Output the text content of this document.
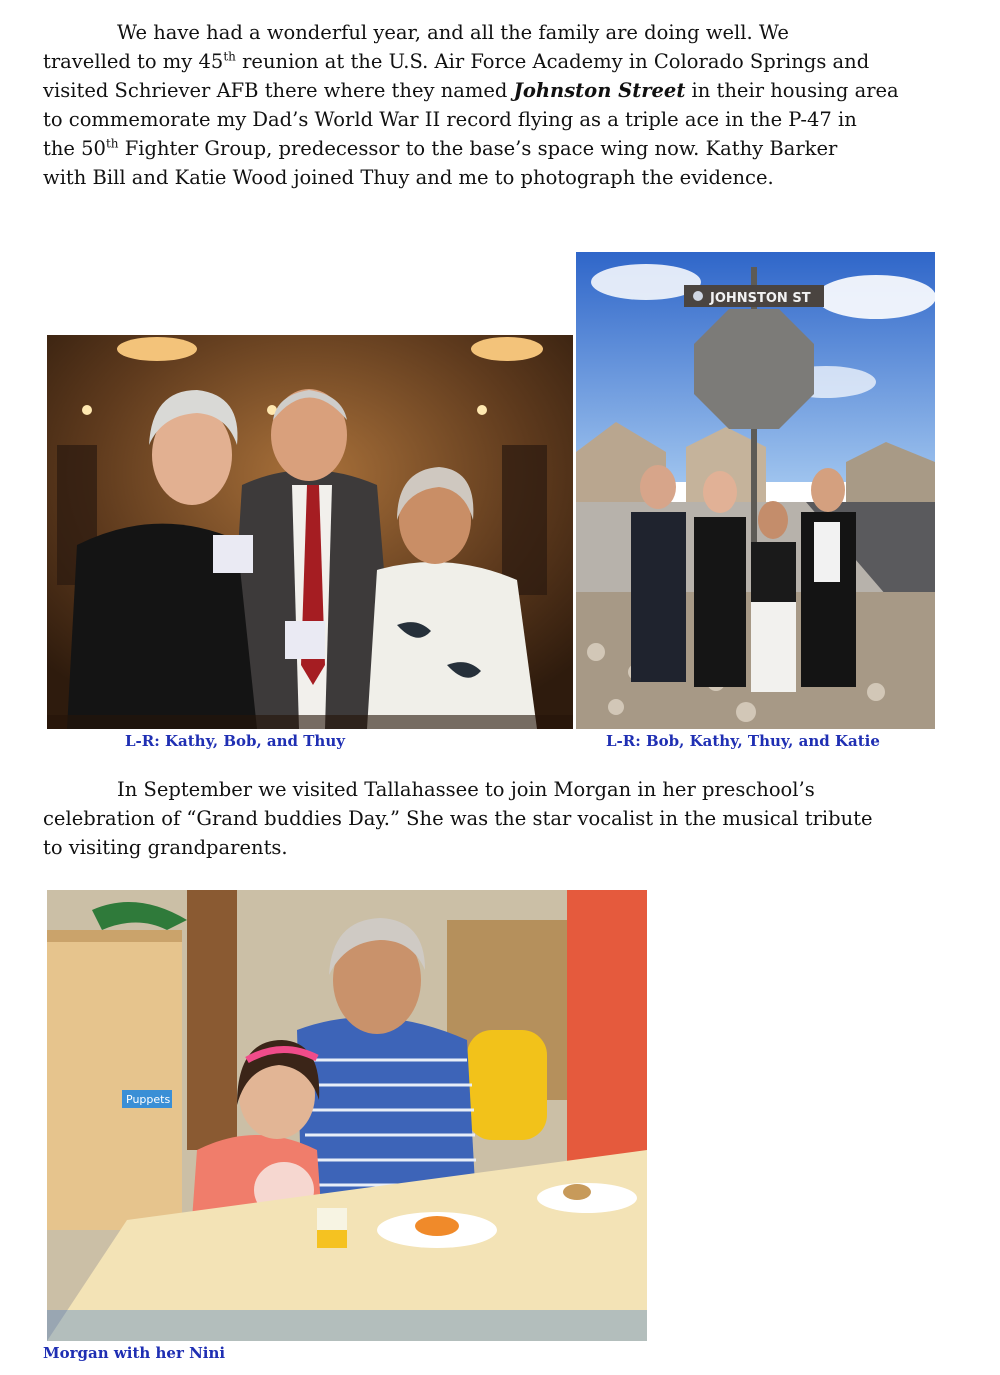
We have had a wonderful year, and all the family are doing well. We
travelled to my 45th reunion at the U.S. Air Force Academy in Colorado Springs and
visited Schriever AFB there where they named Johnston Street in their housing area
to commemorate my Dad’s World War II record flying as a triple ace in the P-47 in
the 50th Fighter Group, predecessor to the base’s space wing now. Kathy Barker
with Bill and Katie Wood joined Thuy and me to photograph the evidence.
JOHNSTON ST
L-R: Kathy, Bob, and Thuy	L-R: Bob, Kathy, Thuy, and Katie
In September we visited Tallahassee to join Morgan in her preschool’s
celebration of “Grand buddies Day.” She was the star vocalist in the musical tribute
to visiting grandparents.
Puppets
Morgan with her Nini
